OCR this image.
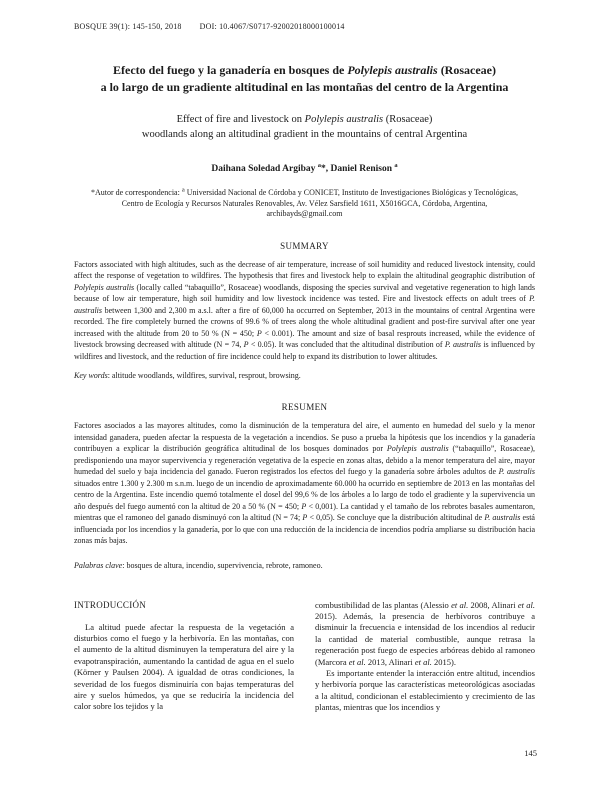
BOSQUE 39(1): 145-150, 2018 DOI: 10.4067/S0717-92002018000100014
Efecto del fuego y la ganadería en bosques de Polylepis australis (Rosaceae)
a lo largo de un gradiente altitudinal en las montañas del centro de la Argentina
Effect of fire and livestock on Polylepis australis (Rosaceae)
woodlands along an altitudinal gradient in the mountains of central Argentina

Daihana Soledad Argibay $^a$*, Daniel Renison $^a$

*Autor de correspondencia: $^a$ Universidad Nacional de Córdoba y CONICET, Instituto de Investigaciones Biológicas y Tecnológicas,
Centro de Ecología y Recursos Naturales Renovables, Av. Vélez Sarsfield 1611, X5016GCA, Córdoba, Argentina,
archibayds@gmail.com

SUMMARY

Factors associated with high altitudes, such as the decrease of air temperature, increase of soil humidity and reduced livestock intensity, could affect the response of vegetation to wildfires. The hypothesis that fires and livestock help to explain the altitudinal geographic distribution of Polylepis australis (locally called “tabaquillo”, Rosaceae) woodlands, disposing the species survival and vegetative regeneration to high lands because of low air temperature, high soil humidity and low livestock incidence was tested. Fire and livestock effects on adult trees of P. australis between 1,300 and 2,300 m a.s.l. after a fire of 60,000 ha occurred on September, 2013 in the mountains of central Argentina were recorded. The fire completely burned the crowns of 99.6 % of trees along the whole altitudinal gradient and post-fire survival after one year increased with the altitude from 20 to 50 % (N = 450; P < 0.001). The amount and size of basal resprouts increased, while the evidence of livestock browsing decreased with altitude (N = 74, P < 0.05). It was concluded that the altitudinal distribution of P. australis is influenced by wildfires and livestock, and the reduction of fire incidence could help to expand its distribution to lower altitudes.

Key words: altitude woodlands, wildfires, survival, resprout, browsing.

RESUMEN

Factores asociados a las mayores altitudes, como la disminución de la temperatura del aire, el aumento en humedad del suelo y la menor intensidad ganadera, pueden afectar la respuesta de la vegetación a incendios. Se puso a prueba la hipótesis que los incendios y la ganadería contribuyen a explicar la distribución geográfica altitudinal de los bosques dominados por Polylepis australis (“tabaquillo”, Rosaceae), predisponiendo una mayor supervivencia y regeneración vegetativa de la especie en zonas altas, debido a la menor temperatura del aire, mayor humedad del suelo y baja incidencia del ganado. Fueron registrados los efectos del fuego y la ganadería sobre árboles adultos de P. australis situados entre 1.300 y 2.300 m s.n.m. luego de un incendio de aproximadamente 60.000 ha ocurrido en septiembre de 2013 en las montañas del centro de la Argentina. Este incendio quemó totalmente el dosel del 99,6 % de los árboles a lo largo de todo el gradiente y la supervivencia un año después del fuego aumentó con la altitud de 20 a 50 % (N = 450; P < 0,001). La cantidad y el tamaño de los rebrotes basales aumentaron, mientras que el ramoneo del ganado disminuyó con la altitud (N = 74; P < 0,05). Se concluye que la distribución altitudinal de P. australis está influenciada por los incendios y la ganadería, por lo que con una reducción de la incidencia de incendios podría ampliarse su distribución hacia zonas más bajas.

Palabras clave: bosques de altura, incendio, supervivencia, rebrote, ramoneo.

INTRODUCCIÓN

La altitud puede afectar la respuesta de la vegetación a disturbios como el fuego y la herbivoría. En las montañas, con el aumento de la altitud disminuyen la temperatura del aire y la evapotranspiración, aumentando la cantidad de agua en el suelo (Körner y Paulsen 2004). A igualdad de otras condiciones, la severidad de los fuegos disminuiría con bajas temperaturas del aire y suelos húmedos, ya que se reduciría la incidencia del calor sobre los tejidos y la

combustibilidad de las plantas (Alessio et al. 2008, Alinari et al. 2015). Además, la presencia de herbívoros contribuye a disminuir la frecuencia e intensidad de los incendios al reducir la cantidad de material combustible, aunque retrasa la regeneración post fuego de especies arbóreas debido al ramoneo (Marcora et al. 2013, Alinari et al. 2015).

Es importante entender la interacción entre altitud, incendios y herbivoría porque las características meteorológicas asociadas a la altitud, condicionan el establecimiento y crecimiento de las plantas, mientras que los incendios y

145
